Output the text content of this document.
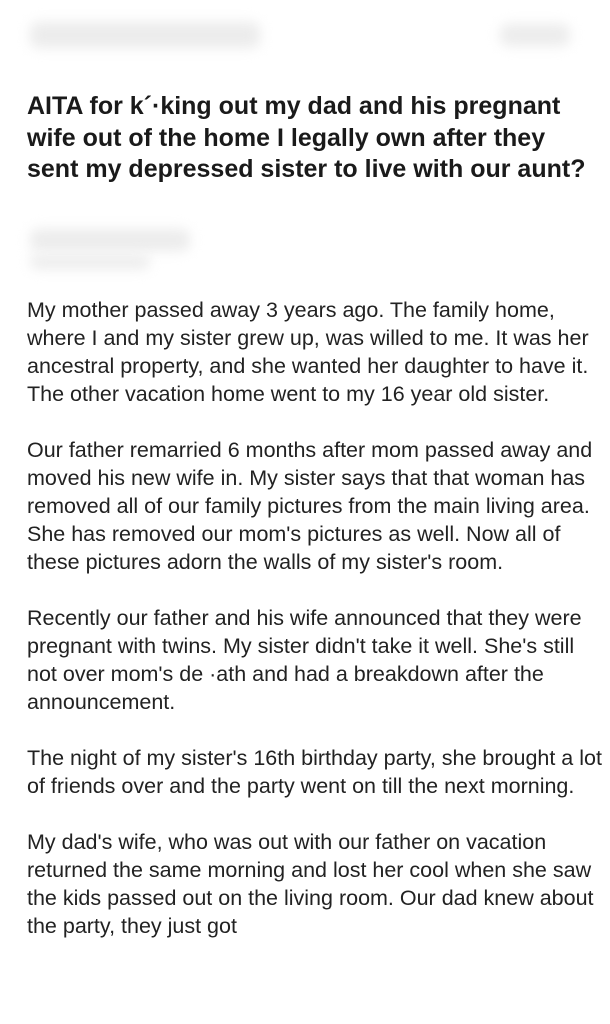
AITA for k´·king out my dad and his pregnant wife out of the home I legally own after they sent my depressed sister to live with our aunt?

My mother passed away 3 years ago. The family home, where I and my sister grew up, was willed to me. It was her ancestral property, and she wanted her daughter to have it. The other vacation home went to my 16 year old sister.

Our father remarried 6 months after mom passed away and moved his new wife in. My sister says that that woman has removed all of our family pictures from the main living area. She has removed our mom's pictures as well. Now all of these pictures adorn the walls of my sister's room.

Recently our father and his wife announced that they were pregnant with twins. My sister didn't take it well. She's still not over mom's de ·ath and had a breakdown after the announcement.

The night of my sister's 16th birthday party, she brought a lot of friends over and the party went on till the next morning.

My dad's wife, who was out with our father on vacation returned the same morning and lost her cool when she saw the kids passed out on the living room. Our dad knew about the party, they just got
